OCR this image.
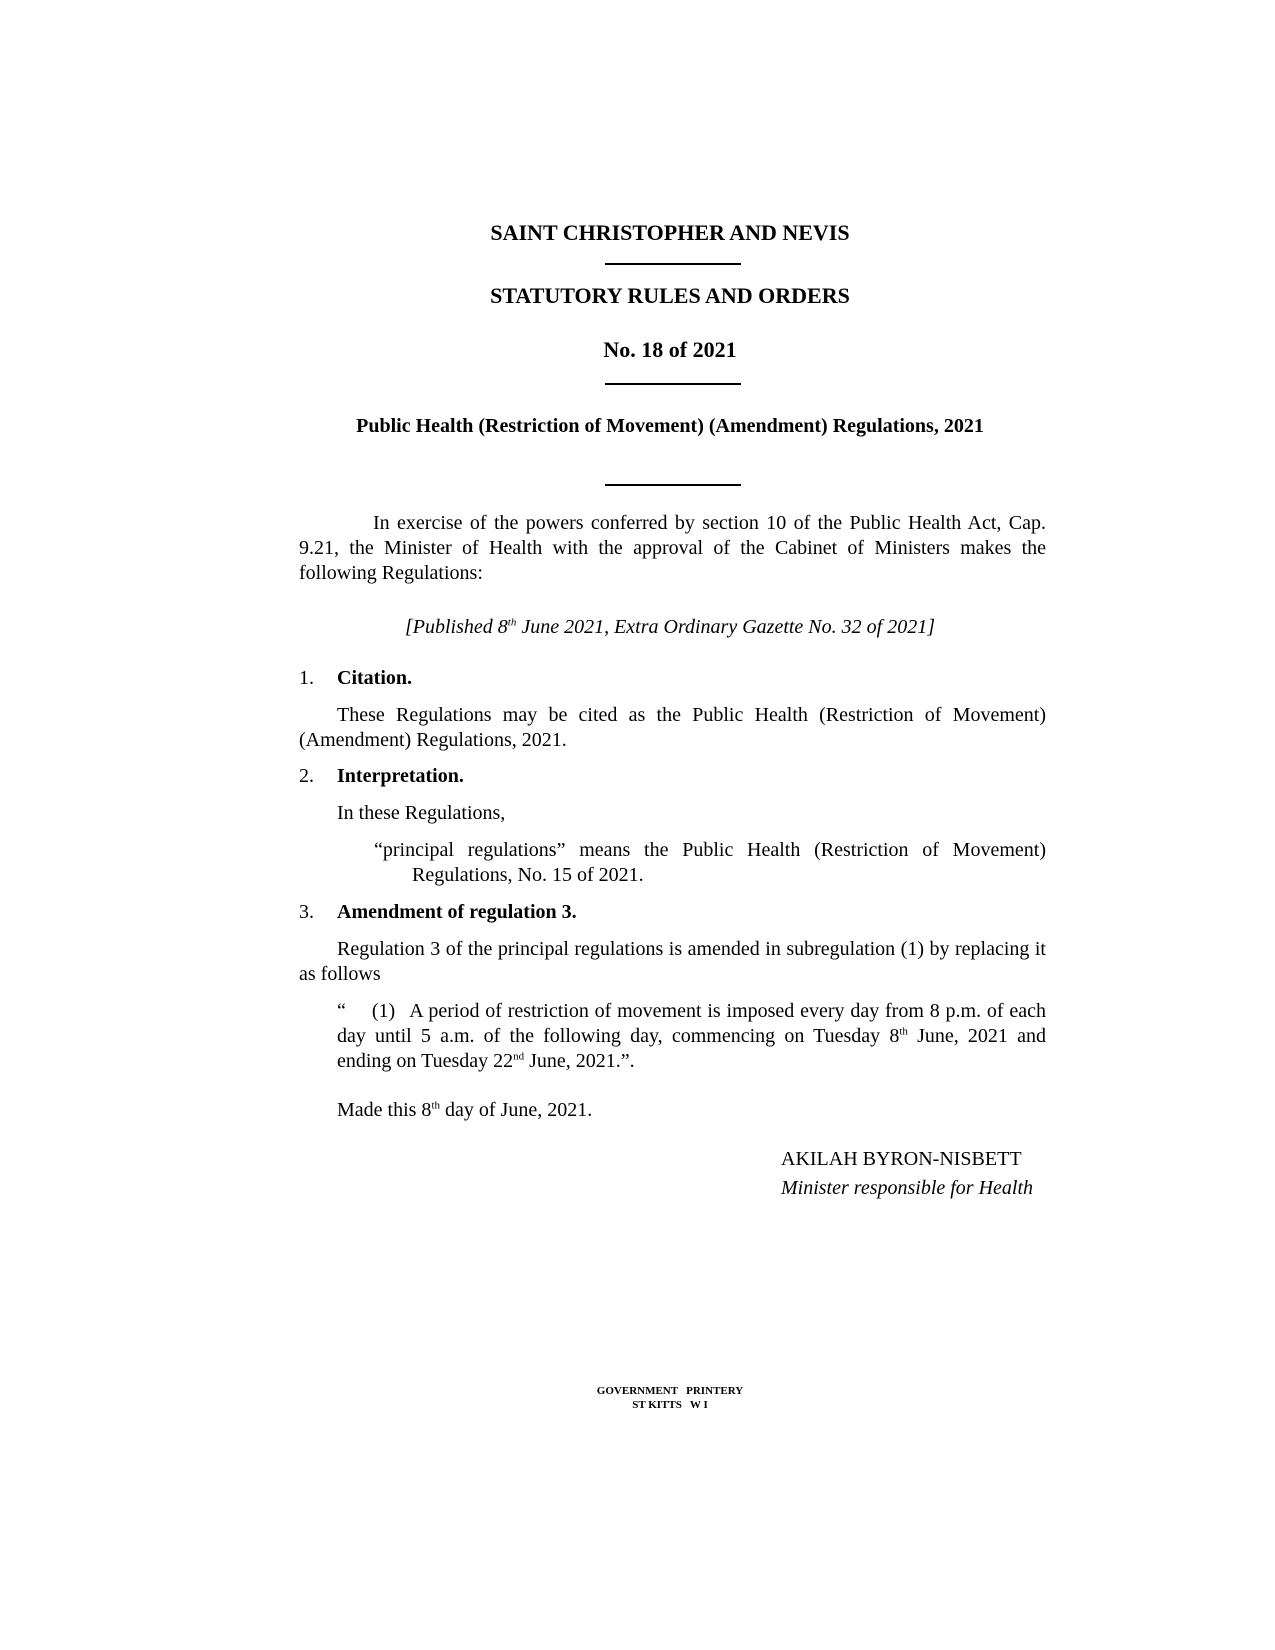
SAINT CHRISTOPHER AND NEVIS
STATUTORY RULES AND ORDERS
No. 18 of 2021
Public Health (Restriction of Movement) (Amendment) Regulations, 2021
In exercise of the powers conferred by section 10 of the Public Health Act, Cap. 9.21, the Minister of Health with the approval of the Cabinet of Ministers makes the following Regulations:
[Published 8th June 2021, Extra Ordinary Gazette No. 32 of 2021]
1. Citation.
These Regulations may be cited as the Public Health (Restriction of Movement) (Amendment) Regulations, 2021.
2. Interpretation.
In these Regulations,
“principal regulations” means the Public Health (Restriction of Movement) Regulations, No. 15 of 2021.
3. Amendment of regulation 3.
Regulation 3 of the principal regulations is amended in subregulation (1) by replacing it as follows
“ (1) A period of restriction of movement is imposed every day from 8 p.m. of each day until 5 a.m. of the following day, commencing on Tuesday 8th June, 2021 and ending on Tuesday 22nd June, 2021.”.
Made this 8th day of June, 2021.
AKILAH BYRON-NISBETT
Minister responsible for Health
GOVERNMENT   PRINTERY
ST KITTS   W I
